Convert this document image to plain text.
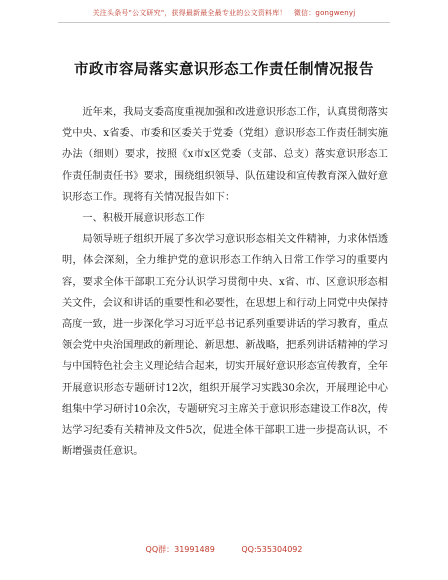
关注头条号"公文研究"，获得最新最全最专业的公文资料库！　微信：gongwenyj
市政市容局落实意识形态工作责任制情况报告

近年来，我局支委高度重视加强和改进意识形态工作，认真贯彻落实党中央、x省委、市委和区委关于党委（党组）意识形态工作责任制实施办法（细则）要求，按照《x市x区党委（支部、总支）落实意识形态工作责任制责任书》要求，围绕组织领导、队伍建设和宣传教育深入做好意识形态工作。现将有关情况报告如下：

一、积极开展意识形态工作

局领导班子组织开展了多次学习意识形态相关文件精神，力求体悟透明，体会深刻，全力维护党的意识形态工作纳入日常工作学习的重要内容，要求全体干部职工充分认识学习贯彻中央、x省、市、区意识形态相关文件，会议和讲话的重要性和必要性，在思想上和行动上同党中央保持高度一致，进一步深化学习习近平总书记系列重要讲话的学习教育，重点领会党中央治国理政的新理论、新思想、新战略，把系列讲话精神的学习与中国特色社会主义理论结合起来，切实开展好意识形态宣传教育，全年开展意识形态专题研讨12次，组织开展学习实践30余次，开展理论中心组集中学习研讨10余次，专题研究习主席关于意识形态建设工作8次，传达学习纪委有关精神及文件5次，促进全体干部职工进一步提高认识，不断增强责任意识。

QQ群：31991489	QQ:535304092
